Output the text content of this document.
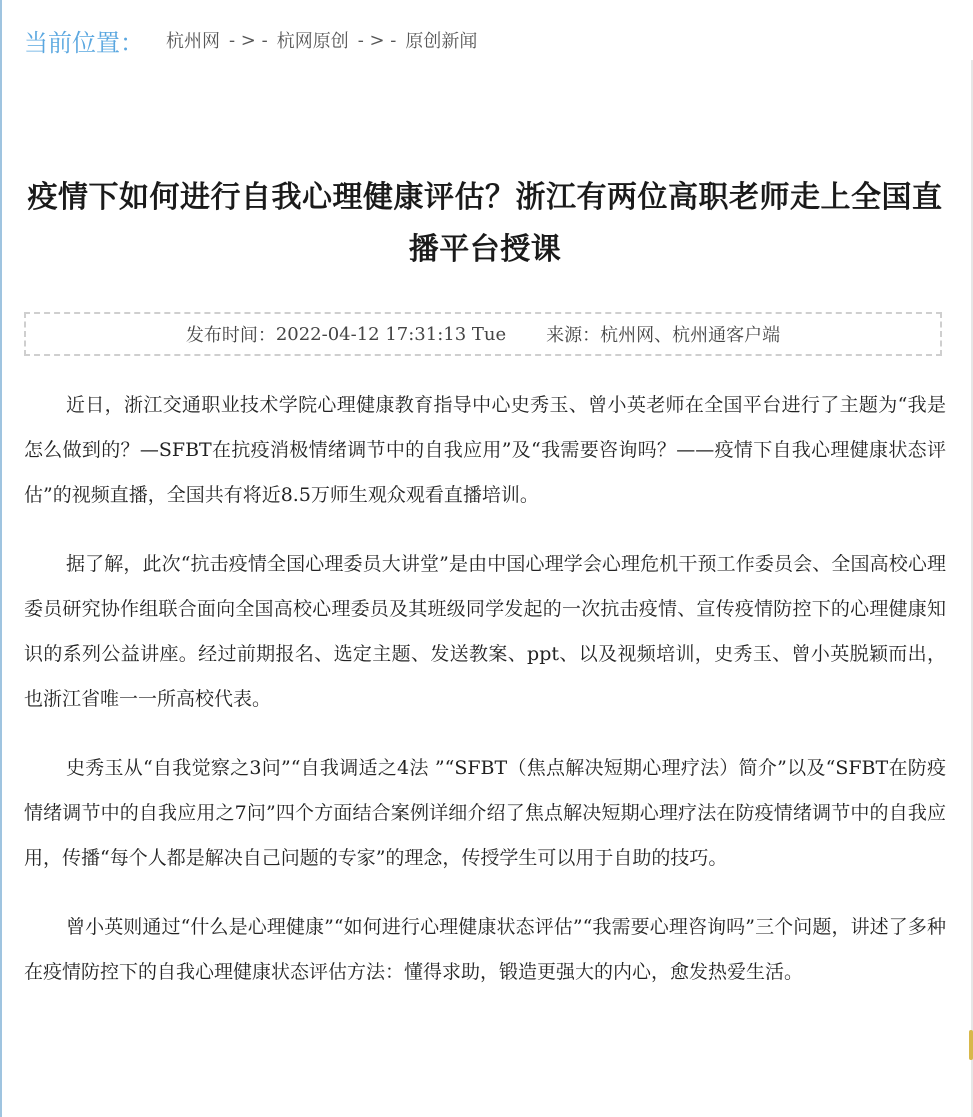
当前位置： 杭州网 - > - 杭网原创 - > - 原创新闻
疫情下如何进行自我心理健康评估？浙江有两位高职老师走上全国直播平台授课
发布时间： 2022-04-12 17:31:13 Tue 来源： 杭州网、杭州通客户端

近日，浙江交通职业技术学院心理健康教育指导中心史秀玉、曾小英老师在全国平台进行了主题为“我是怎么做到的？—SFBT在抗疫消极情绪调节中的自我应用”及“我需要咨询吗？——疫情下自我心理健康状态评估”的视频直播，全国共有将近8.5万师生观众观看直播培训。

据了解，此次“抗击疫情全国心理委员大讲堂”是由中国心理学会心理危机干预工作委员会、全国高校心理委员研究协作组联合面向全国高校心理委员及其班级同学发起的一次抗击疫情、宣传疫情防控下的心理健康知识的系列公益讲座。经过前期报名、选定主题、发送教案、ppt、以及视频培训，史秀玉、曾小英脱颖而出，也浙江省唯一一所高校代表。

史秀玉从“自我觉察之3问”“自我调适之4法 ”“SFBT（焦点解决短期心理疗法）简介”以及“SFBT在防疫情绪调节中的自我应用之7问”四个方面结合案例详细介绍了焦点解决短期心理疗法在防疫情绪调节中的自我应用，传播“每个人都是解决自己问题的专家”的理念，传授学生可以用于自助的技巧。

曾小英则通过“什么是心理健康”“如何进行心理健康状态评估”“我需要心理咨询吗”三个问题，讲述了多种在疫情防控下的自我心理健康状态评估方法：懂得求助，锻造更强大的内心，愈发热爱生活。
